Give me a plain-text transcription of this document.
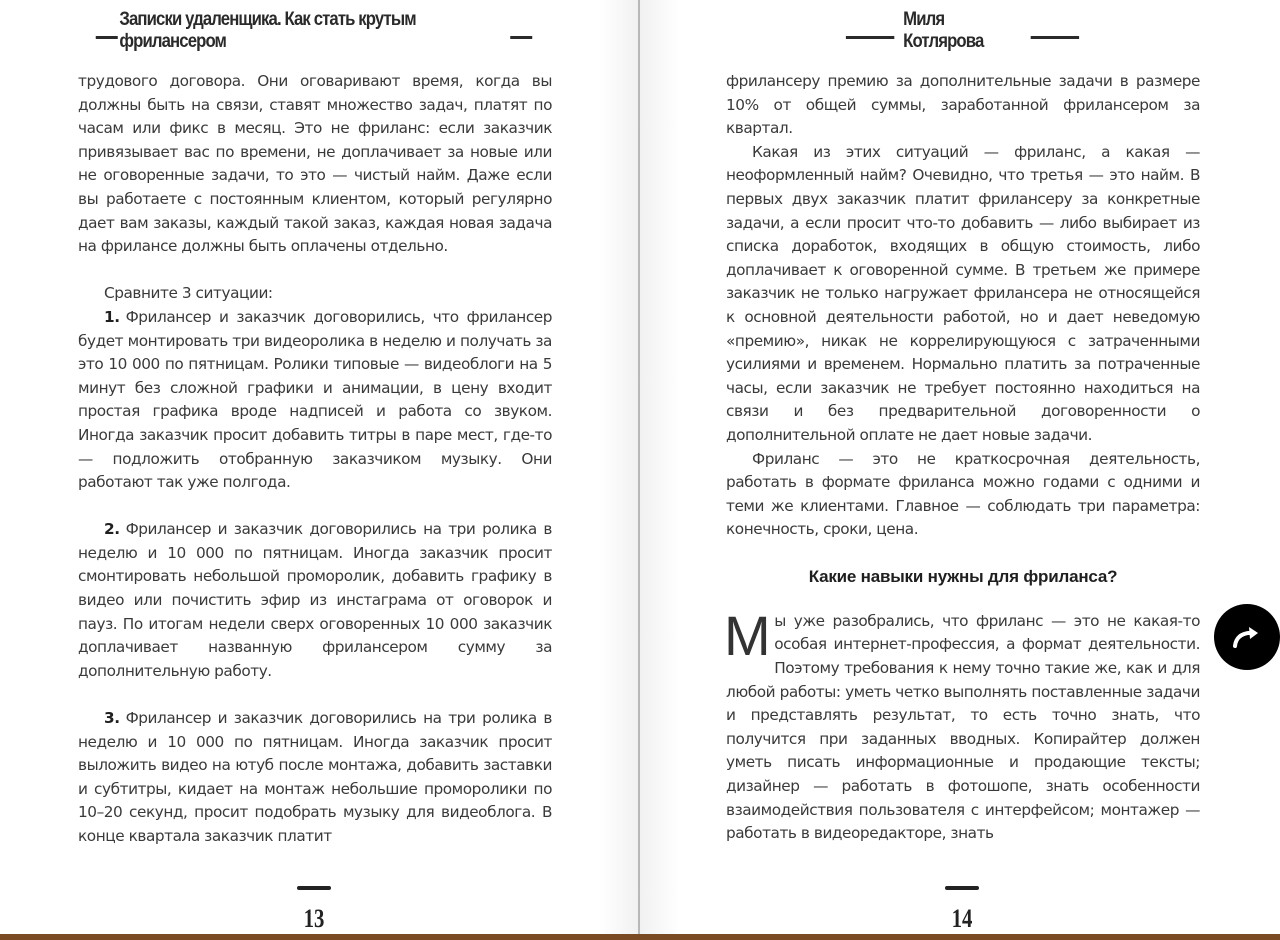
Записки удаленщика. Как стать крутым фрилансером

трудового договора. Они оговаривают время, когда вы должны быть на связи, ставят множество задач, платят по часам или фикс в месяц. Это не фриланс: если заказчик привязывает вас по времени, не доплачивает за новые или не оговоренные задачи, то это — чистый найм. Даже если вы работаете с постоянным клиентом, который регулярно дает вам заказы, каждый такой заказ, каждая новая задача на фрилансе должны быть оплачены отдельно.

Сравните 3 ситуации:

1. Фрилансер и заказчик договорились, что фрилансер будет монтировать три видеоролика в неделю и получать за это 10 000 по пятницам. Ролики типовые — видеоблоги на 5 минут без сложной графики и анимации, в цену входит простая графика вроде надписей и работа со звуком. Иногда заказчик просит добавить титры в паре мест, где-то — подложить отобранную заказчиком музыку. Они работают так уже полгода.

2. Фрилансер и заказчик договорились на три ролика в неделю и 10 000 по пятницам. Иногда заказчик просит смонтировать небольшой проморолик, добавить графику в видео или почистить эфир из инстаграма от оговорок и пауз. По итогам недели сверх оговоренных 10 000 заказчик доплачивает названную фрилансером сумму за дополнительную работу.

3. Фрилансер и заказчик договорились на три ролика в неделю и 10 000 по пятницам. Иногда заказчик просит выложить видео на ютуб после монтажа, добавить заставки и субтитры, кидает на монтаж небольшие проморолики по 10–20 секунд, просит подобрать музыку для видеоблога. В конце квартала заказчик платит

13
Миля Котлярова

фрилансеру премию за дополнительные задачи в размере 10% от общей суммы, заработанной фрилансером за квартал.

Какая из этих ситуаций — фриланс, а какая — неоформленный найм? Очевидно, что третья — это найм. В первых двух заказчик платит фрилансеру за конкретные задачи, а если просит что-то добавить — либо выбирает из списка доработок, входящих в общую стоимость, либо доплачивает к оговоренной сумме. В третьем же примере заказчик не только нагружает фрилансера не относящейся к основной деятельности работой, но и дает неведомую «премию», никак не коррелирующуюся с затраченными усилиями и временем. Нормально платить за потраченные часы, если заказчик не требует постоянно находиться на связи и без предварительной договоренности о дополнительной оплате не дает новые задачи.

Фриланс — это не краткосрочная деятельность, работать в формате фриланса можно годами с одними и теми же клиентами. Главное — соблюдать три параметра: конечность, сроки, цена.

Какие навыки нужны для фриланса?

Мы уже разобрались, что фриланс — это не какая-то особая интернет-профессия, а формат деятельности. Поэтому требования к нему точно такие же, как и для любой работы: уметь четко выполнять поставленные задачи и представлять результат, то есть точно знать, что получится при заданных вводных. Копирайтер должен уметь писать информационные и продающие тексты; дизайнер — работать в фотошопе, знать особенности взаимодействия пользователя с интерфейсом; монтажер — работать в видеоредакторе, знать

14
